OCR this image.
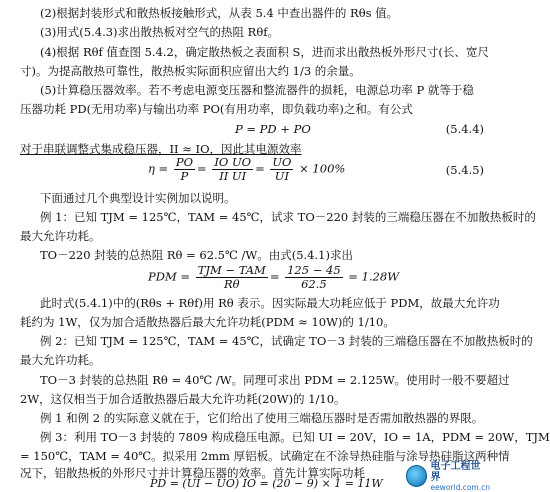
(2)根据封装形式和散热板接触形式，从表 5.4 中查出器件的 Rθs 值。
(3)用式(5.4.3)求出散热板对空气的热阻 Rθf。
(4)根据 Rθf 值查图 5.4.2，确定散热板之表面积 S，进而求出散热板外形尺寸(长、宽尺
寸)。为提高散热可靠性，散热板实际面积应留出大约 1/3 的余量。
(5)计算稳压器效率。若不考虑电源变压器和整流器件的损耗，电源总功率 P 就等于稳
压器功耗 PD(无用功率)与输出功率 PO(有用功率，即负载功率)之和。有公式
P = PD + PO	(5.4.4)
对于串联调整式集成稳压器，II ≈ IO，因此其电源效率
$\eta = \frac{PO}{P} = \frac{\text{IO UO}}{\text{II UI}} = \frac{UO}{UI} \times 100\%$	(5.4.5)
下面通过几个典型设计实例加以说明。
例 1：已知 TJM = 125℃，TAM = 45℃，试求 TO－220 封装的三端稳压器在不加散热板时的
最大允许功耗。
TO－220 封装的总热阻 Rθ = 62.5℃ /W。由式(5.4.1)求出
PDM = $\frac{\text{TJM − TAM}}{R\theta} = \frac{125 - 45}{62.5} = 1.28W$
此时式(5.4.1)中的(Rθs + Rθf)用 Rθ 表示。因实际最大功耗应低于 PDM，故最大允许功
耗约为 1W，仅为加合适散热器后最大允许功耗(PDM ≈ 10W)的 1/10。
例 2：已知 TJM = 125℃，TAM = 45℃，试确定 TO－3 封装的三端稳压器在不加散热板时的
最大允许功耗。
TO－3 封装的总热阻 Rθ = 40℃ /W。同理可求出 PDM = 2.125W。使用时一般不要超过
2W，这仅相当于加合适散热器后最大允许功耗(20W)的 1/10。
例 1 和例 2 的实际意义就在于，它们给出了使用三端稳压器时是否需加散热器的界限。
例 3：利用 TO－3 封装的 7809 构成稳压电源。已知 UI = 20V，IO = 1A，PDM = 20W，TJM
= 150℃，TAM = 40℃。拟采用 2mm 厚铝板。试确定在不涂导热硅脂与涂导热硅脂这两种情
况下，铝散热板的外形尺寸并计算稳压器的效率。首先计算实际功耗
PD = (UI − UO) IO = (20 − 9) × 1 = 11W
电子工程世界
eeworld.com.cn
